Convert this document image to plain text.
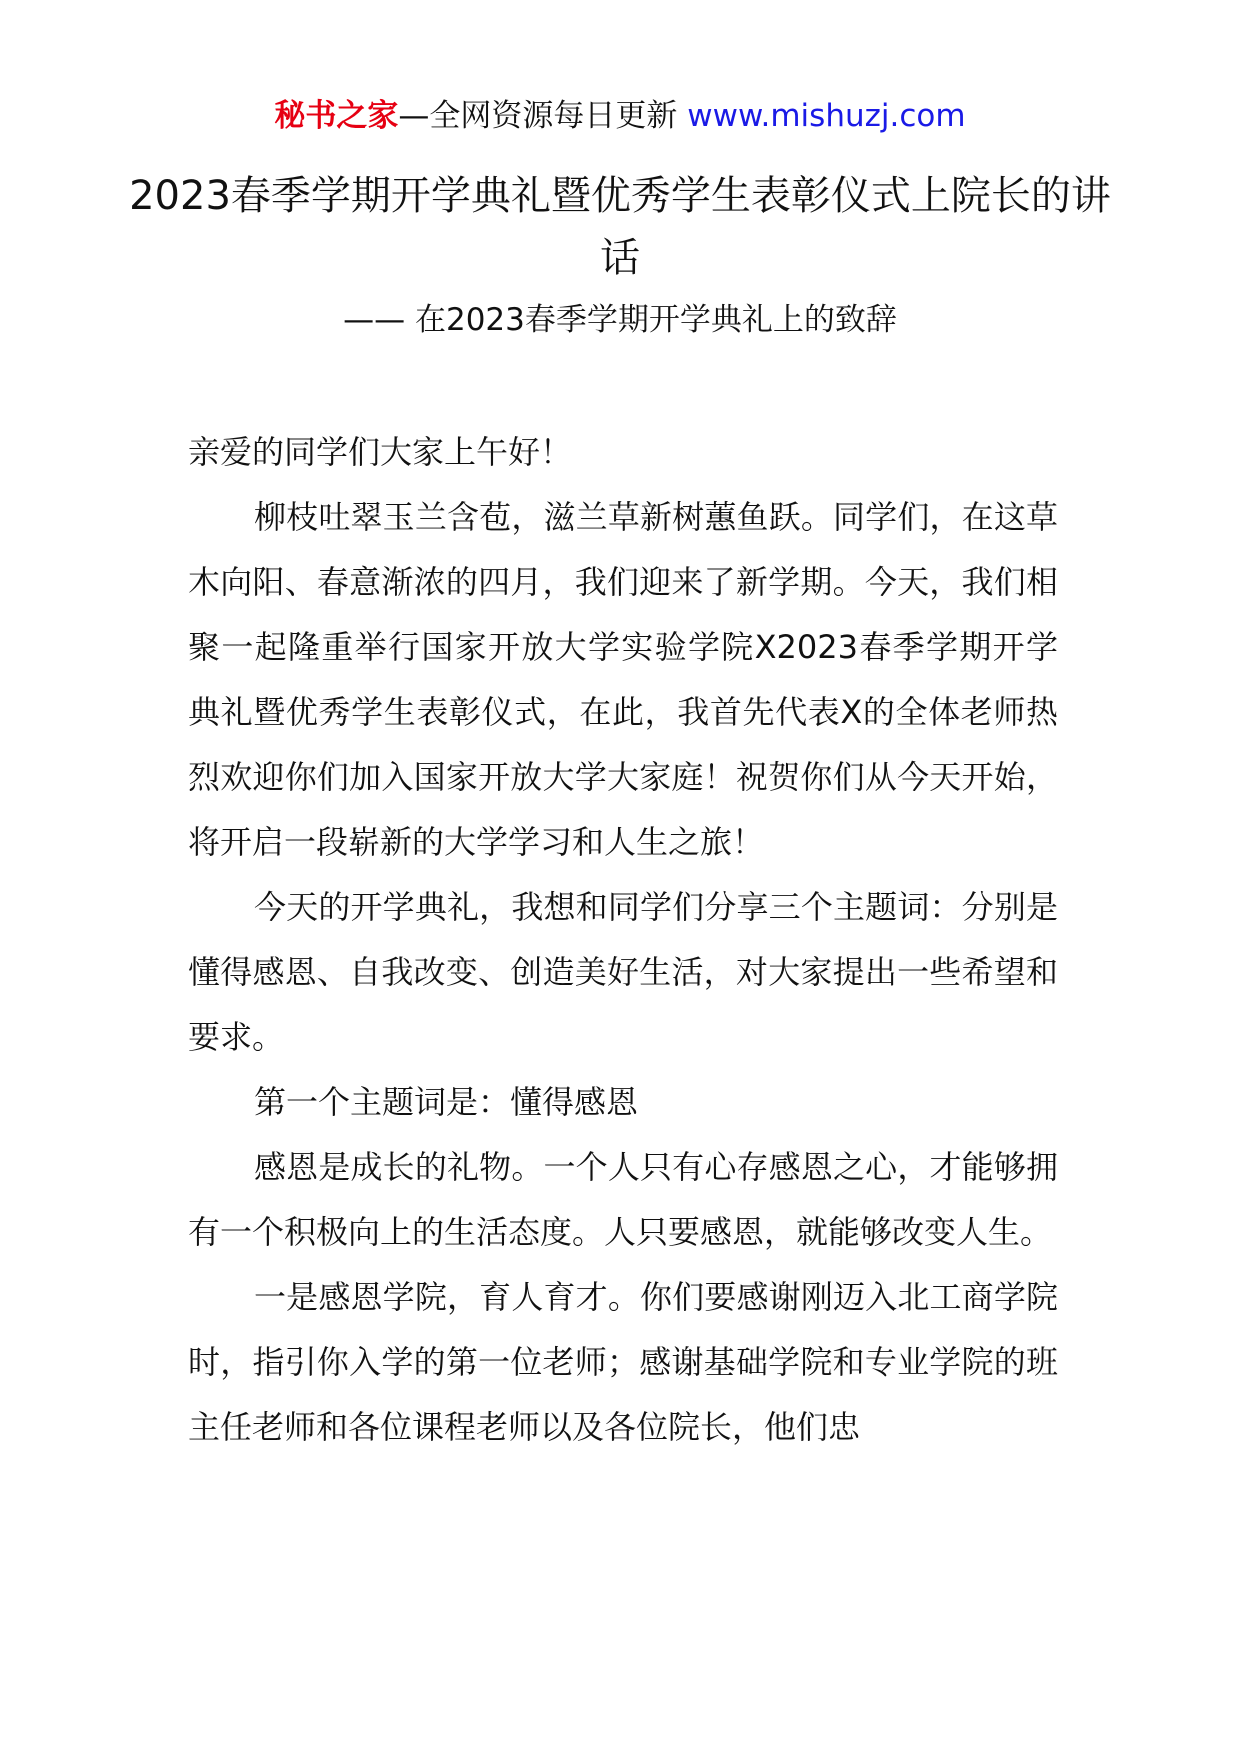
秘书之家—全网资源每日更新 www.mishuzj.com
2023春季学期开学典礼暨优秀学生表彰仪式上院长的讲话
—— 在2023春季学期开学典礼上的致辞

亲爱的同学们大家上午好！

柳枝吐翠玉兰含苞，滋兰草新树蕙鱼跃。同学们，在这草木向阳、春意渐浓的四月，我们迎来了新学期。今天，我们相聚一起隆重举行国家开放大学实验学院X2023春季学期开学典礼暨优秀学生表彰仪式，在此，我首先代表X的全体老师热烈欢迎你们加入国家开放大学大家庭！祝贺你们从今天开始，将开启一段崭新的大学学习和人生之旅！

今天的开学典礼，我想和同学们分享三个主题词：分别是懂得感恩、自我改变、创造美好生活，对大家提出一些希望和要求。

第一个主题词是：懂得感恩

感恩是成长的礼物。一个人只有心存感恩之心，才能够拥有一个积极向上的生活态度。人只要感恩，就能够改变人生。

一是感恩学院，育人育才。你们要感谢刚迈入北工商学院时，指引你入学的第一位老师；感谢基础学院和专业学院的班主任老师和各位课程老师以及各位院长，他们忠
